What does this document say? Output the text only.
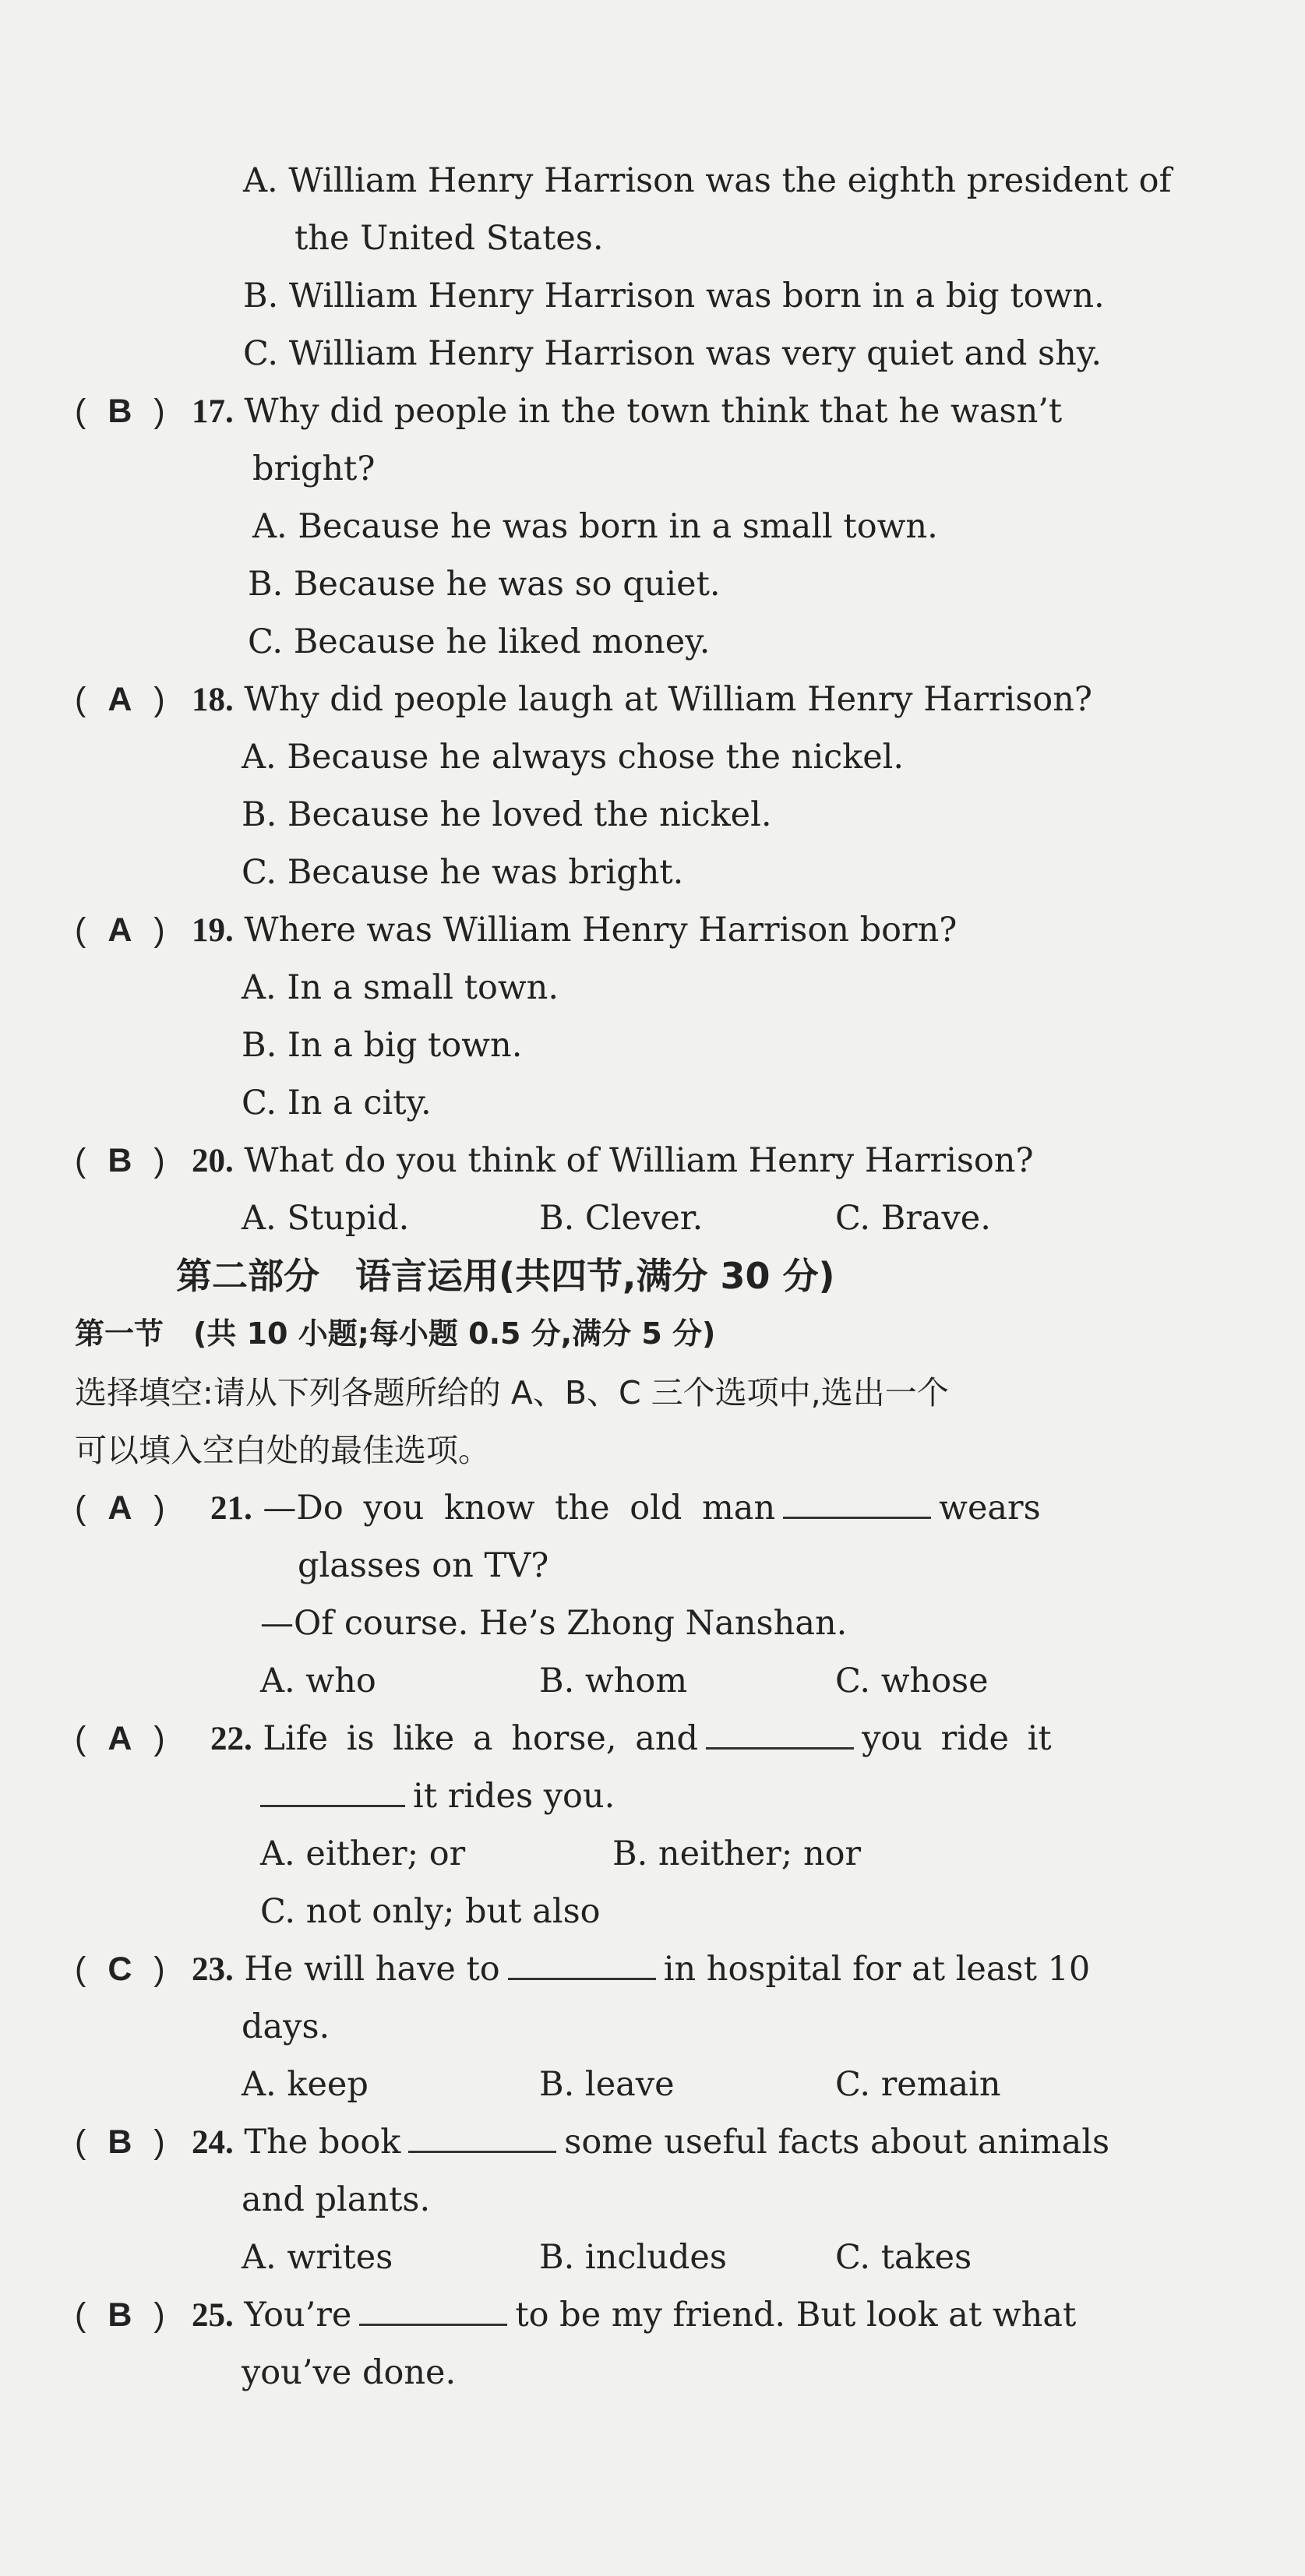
A. William Henry Harrison was the eighth president of
the United States.
B. William Henry Harrison was born in a big town.
C. William Henry Harrison was very quiet and shy.
( B ) 17. Why did people in the town think that he wasn’t
bright?
A. Because he was born in a small town.
B. Because he was so quiet.
C. Because he liked money.
( A ) 18. Why did people laugh at William Henry Harrison?
A. Because he always chose the nickel.
B. Because he loved the nickel.
C. Because he was bright.
( A ) 19. Where was William Henry Harrison born?
A. In a small town.
B. In a big town.
C. In a city.
( B ) 20. What do you think of William Henry Harrison?
A. Stupid.	B. Clever.	C. Brave.
第二部分　语言运用(共四节,满分 30 分)
第一节　(共 10 小题;每小题 0.5 分,满分 5 分)
选择填空:请从下列各题所给的 A、B、C 三个选项中,选出一个
可以填入空白处的最佳选项。
( A ) 21. —Do you know the old man	wears
glasses on TV?
—Of course. He’s Zhong Nanshan.
A. who	B. whom	C. whose
( A ) 22. Life is like a horse, and	you ride it
it rides you.
A. either; or	B. neither; nor
C. not only; but also
( C ) 23. He will have to	in hospital for at least 10
days.
A. keep	B. leave	C. remain
( B ) 24. The book	some useful facts about animals
and plants.
A. writes	B. includes	C. takes
( B ) 25. You’re	to be my friend. But look at what
you’ve done.
